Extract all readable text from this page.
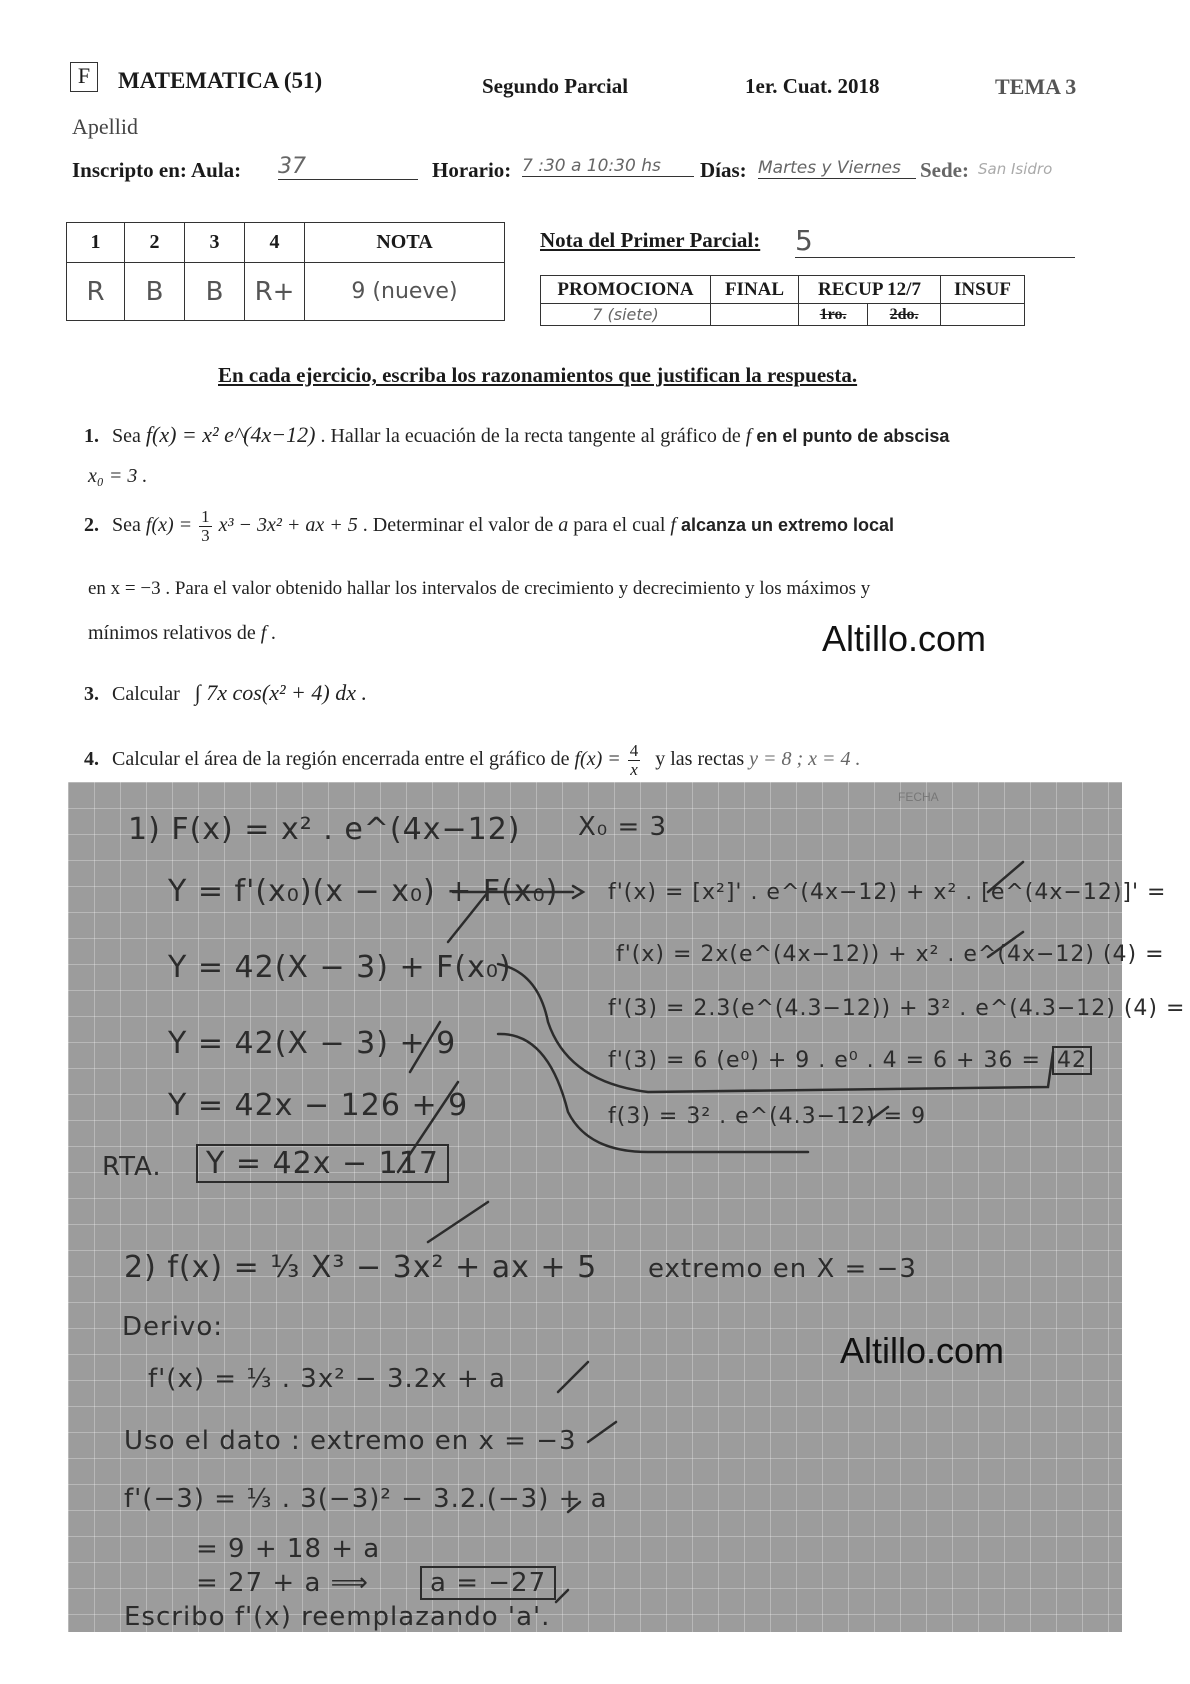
F	MATEMATICA (51)	Segundo Parcial	1er. Cuat. 2018	TEMA 3
Apellid
Inscripto en: Aula: 37	Horario: 7 :30 a 10:30 hs	Días: Martes y Viernes Sede: San Isidro
1	2	3	4	NOTA
R	B	B	R+	9 (nueve)
Nota del Primer Parcial: 5
PROMOCIONA	FINAL	RECUP 12/7		INSUF
7 (siete)		1ro.	2do.	
En cada ejercicio, escriba los razonamientos que justifican la respuesta.
1. Sea f(x) = x² e^(4x−12) . Hallar la ecuación de la recta tangente al gráfico de f en el punto de abscisa
x₀ = 3 .
2. Sea $f(x) = \frac{1}{3} x^3 - 3x^2$ + ax + 5 . Determinar el valor de a para el cual f alcanza un extremo local
en x = −3 . Para el valor obtenido hallar los intervalos de crecimiento y decrecimiento y los máximos y
mínimos relativos de f .	Altillo.com
3. Calcular ∫ 7x cos(x² + 4) dx .
4. Calcular el área de la región encerrada entre el gráfico de $f(x) = \frac{4}{x}$ y las rectas y = 8 ; x = 4 .
FECHA
1) F(x) = x² . e^(4x−12)
Y = f'(x₀)(x − x₀) + F(x₀)
Y = 42(X − 3) + F(x₀)
Y = 42(X − 3) + 9
Y = 42x − 126 + 9
RTA.	Y = 42x − 117
X₀ = 3
f'(x) = [x²]' . e^(4x−12) + x² . [e^(4x−12)]' =
f'(x) = 2x(e^(4x−12)) + x² . e^(4x−12) (4) =
f'(3) = 2.3(e^(4.3−12)) + 3² . e^(4.3−12) (4) =
f'(3) = 6 (e⁰) + 9 . e⁰ . 4 = 6 + 36 = 42
f(3) = 3² . e^(4.3−12) = 9
2) f(x) = ⅓ X³ − 3x² + ax + 5 extremo en X = −3
Derivo:
f'(x) = ⅓ . 3x² − 3.2x + a
Uso el dato : extremo en x = −3
f'(−3) = ⅓ . 3(−3)² − 3.2.(−3) + a
= 9 + 18 + a
= 27 + a ⟹	a = −27
Escribo f'(x) reemplazando 'a'.
Altillo.com
